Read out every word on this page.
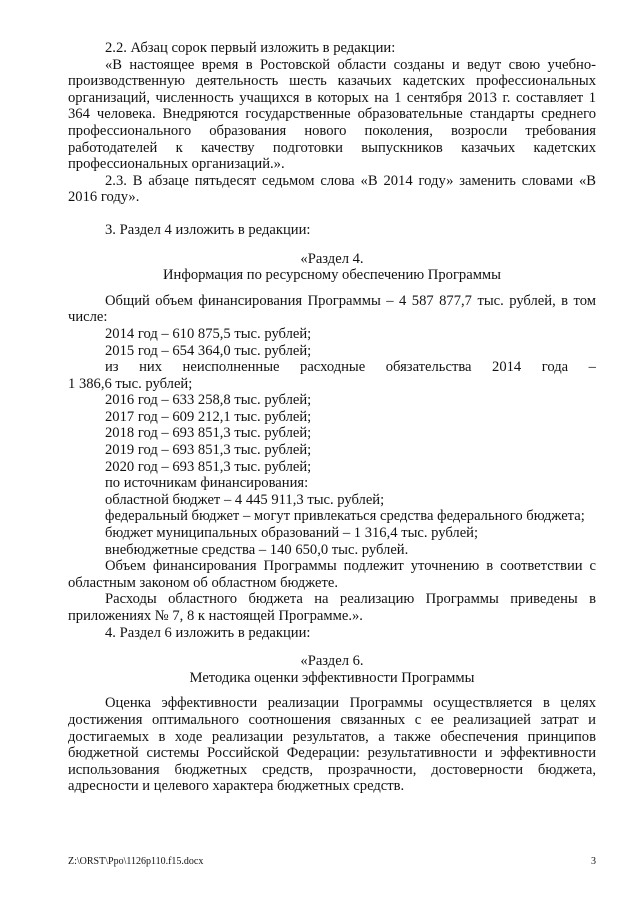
2.2. Абзац сорок первый изложить в редакции:

«В настоящее время в Ростовской области созданы и ведут свою учебно-производственную деятельность шесть казачьих кадетских профессиональных организаций, численность учащихся в которых на 1 сентября 2013 г. составляет 1 364 человека. Внедряются государственные образовательные стандарты среднего профессионального образования нового поколения, возросли требования работодателей к качеству подготовки выпускников казачьих кадетских профессиональных организаций.».

2.3. В абзаце пятьдесят седьмом слова «В 2014 году» заменить словами «В 2016 году».

3. Раздел 4 изложить в редакции:

«Раздел 4.

Информация по ресурсному обеспечению Программы

Общий объем финансирования Программы – 4 587 877,7 тыс. рублей, в том числе:

2014 год – 610 875,5 тыс. рублей;

2015 год – 654 364,0 тыс. рублей;

из них неисполненные расходные обязательства 2014 года –

1 386,6 тыс. рублей;

2016 год – 633 258,8 тыс. рублей;

2017 год – 609 212,1 тыс. рублей;

2018 год – 693 851,3 тыс. рублей;

2019 год – 693 851,3 тыс. рублей;

2020 год – 693 851,3 тыс. рублей;

по источникам финансирования:

областной бюджет – 4 445 911,3 тыс. рублей;

федеральный бюджет – могут привлекаться средства федерального бюджета;

бюджет муниципальных образований – 1 316,4 тыс. рублей;

внебюджетные средства – 140 650,0 тыс. рублей.

Объем финансирования Программы подлежит уточнению в соответствии с областным законом об областном бюджете.

Расходы областного бюджета на реализацию Программы приведены в приложениях № 7, 8 к настоящей Программе.».

4. Раздел 6 изложить в редакции:

«Раздел 6.

Методика оценки эффективности Программы

Оценка эффективности реализации Программы осуществляется в целях достижения оптимального соотношения связанных с ее реализацией затрат и достигаемых в ходе реализации результатов, а также обеспечения принципов бюджетной системы Российской Федерации: результативности и эффективности использования бюджетных средств, прозрачности, достоверности бюджета, адресности и целевого характера бюджетных средств.

Z:\ORST\Ppo\1126p110.f15.docx	3
